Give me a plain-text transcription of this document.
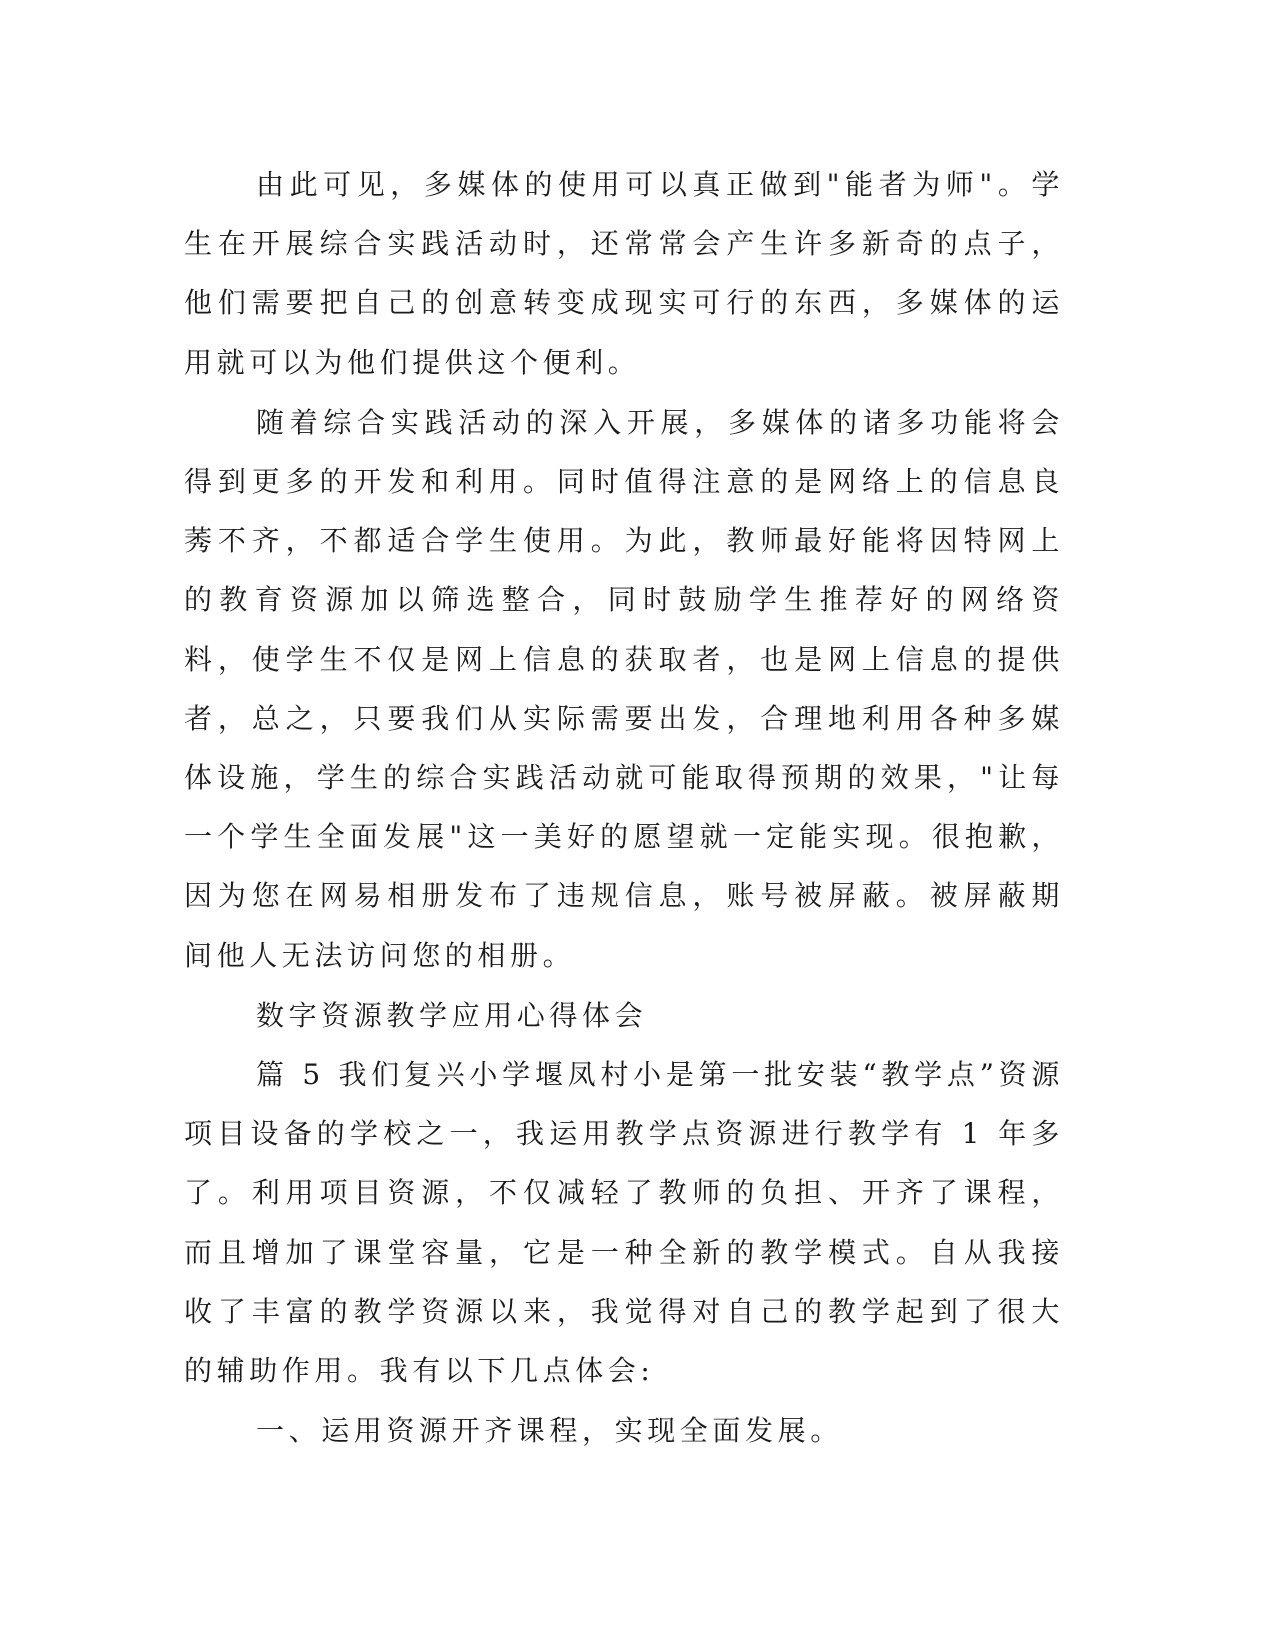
由此可见，多媒体的使用可以真正做到"能者为师"。学生在开展综合实践活动时，还常常会产生许多新奇的点子，他们需要把自己的创意转变成现实可行的东西，多媒体的运用就可以为他们提供这个便利。

随着综合实践活动的深入开展，多媒体的诸多功能将会得到更多的开发和利用。同时值得注意的是网络上的信息良莠不齐，不都适合学生使用。为此，教师最好能将因特网上的教育资源加以筛选整合，同时鼓励学生推荐好的网络资料，使学生不仅是网上信息的获取者，也是网上信息的提供者，总之，只要我们从实际需要出发，合理地利用各种多媒体设施，学生的综合实践活动就可能取得预期的效果，"让每一个学生全面发展"这一美好的愿望就一定能实现。很抱歉，因为您在网易相册发布了违规信息，账号被屏蔽。被屏蔽期间他人无法访问您的相册。

数字资源教学应用心得体会

篇 5 我们复兴小学堰凤村小是第一批安装“教学点”资源项目设备的学校之一，我运用教学点资源进行教学有 1 年多了。利用项目资源，不仅减轻了教师的负担、开齐了课程，而且增加了课堂容量，它是一种全新的教学模式。自从我接收了丰富的教学资源以来，我觉得对自己的教学起到了很大的辅助作用。我有以下几点体会:

一、运用资源开齐课程，实现全面发展。
